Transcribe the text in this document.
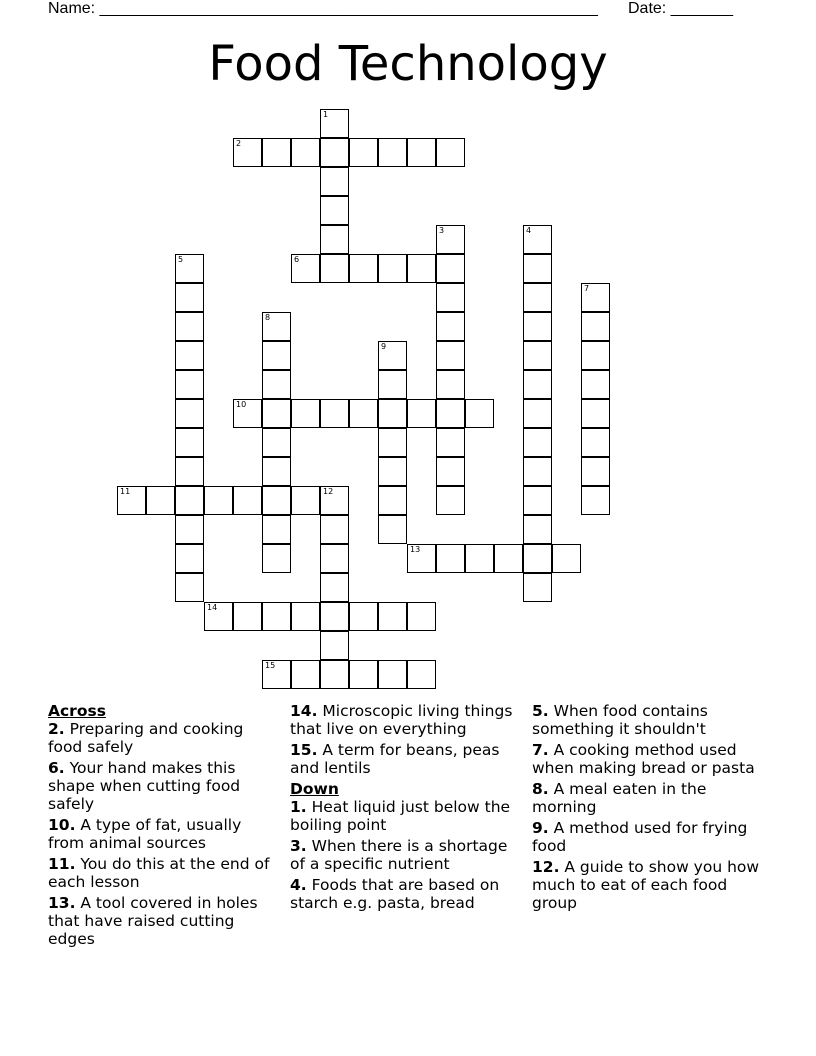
Name: ________________________________________________________ Date: _______
Food Technology
1
2
3	4
5	6
7
8
9
10
11	12
13
14
15

Across

2. Preparing and cooking food safely

6. Your hand makes this shape when cutting food safely

10. A type of fat, usually from animal sources

11. You do this at the end of each lesson

13. A tool covered in holes that have raised cutting edges

14. Microscopic living things that live on everything

15. A term for beans, peas and lentils

Down

1. Heat liquid just below the boiling point

3. When there is a shortage of a specific nutrient

4. Foods that are based on starch e.g. pasta, bread

5. When food contains something it shouldn't

7. A cooking method used when making bread or pasta

8. A meal eaten in the morning

9. A method used for frying food

12. A guide to show you how much to eat of each food group
